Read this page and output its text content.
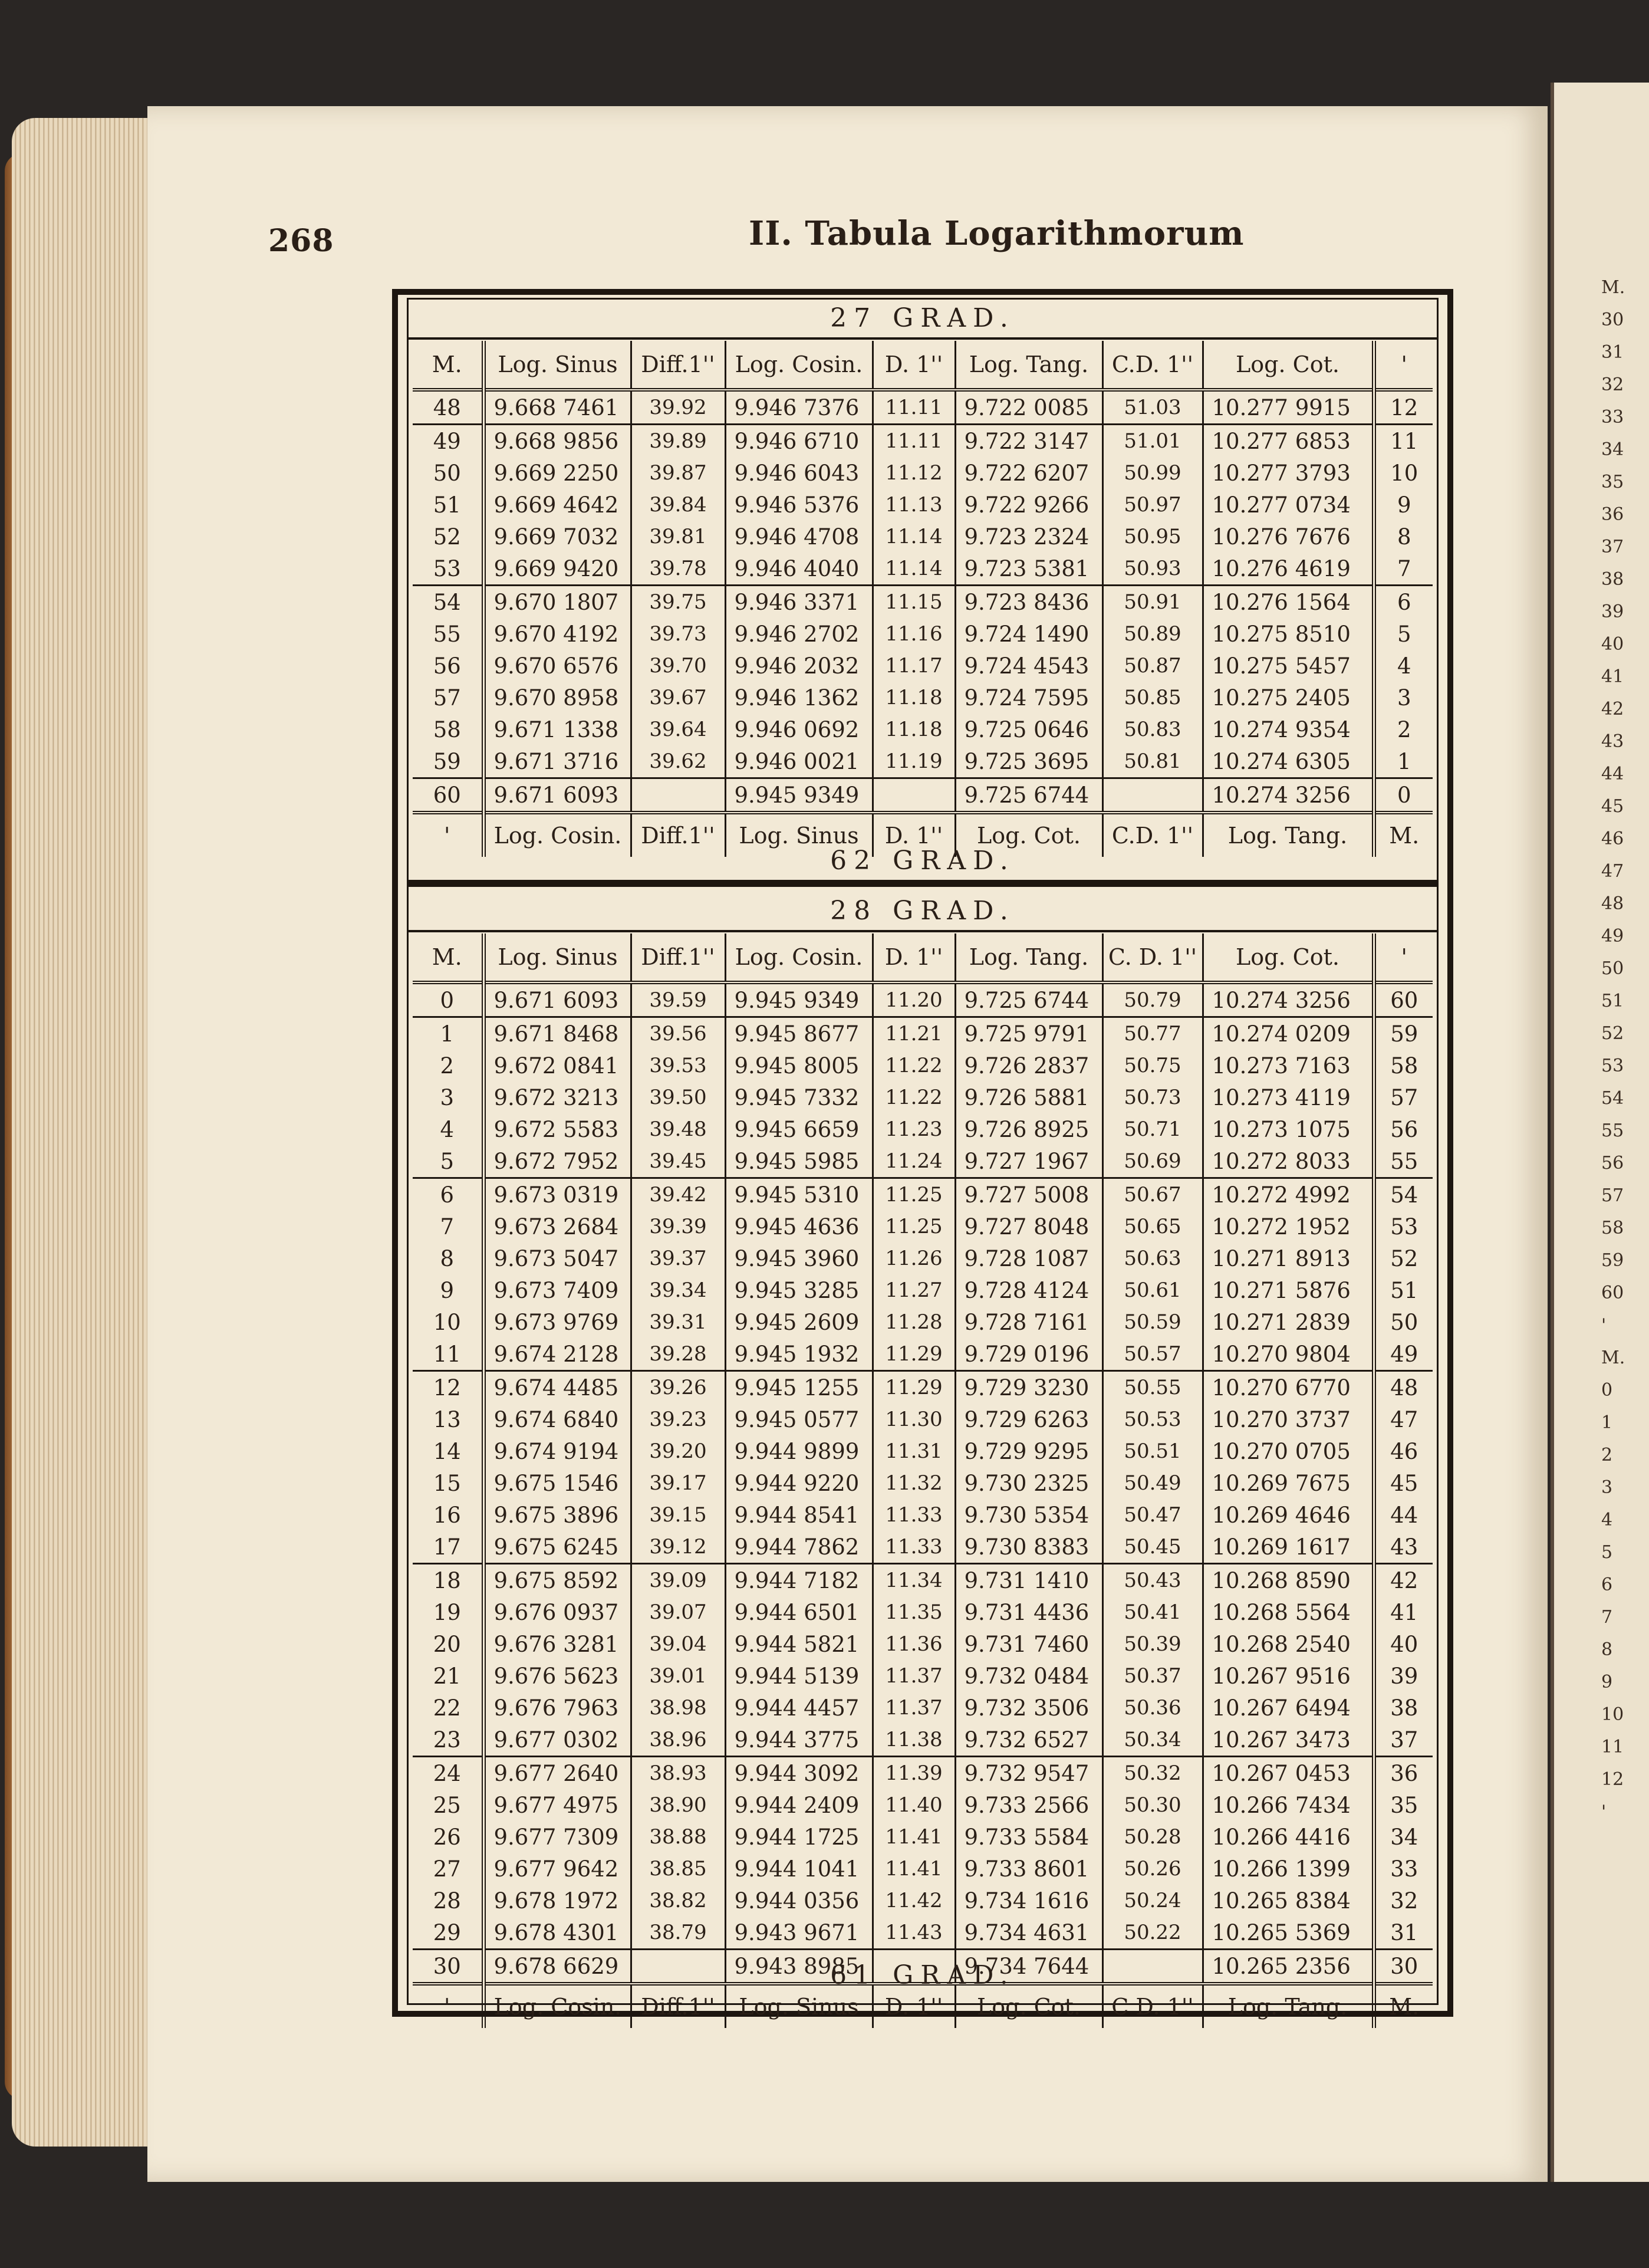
M.
30
31
32
33
34
35
36
37
38
39
40
41
42
43
44
45
46
47
48
49
50
51
52
53
54
55
56
57
58
59
60
'
M.
0
1
2
3
4
5
6
7
8
9
10
11
12
'
268	II. Tabula Logarithmorum
27 GRAD.
M.	Log. Sinus	Diff.1''	Log. Cosin.	D. 1''	Log. Tang.	C.D. 1''	Log. Cot.	'
48	9.668 7461	39.92	9.946 7376	11.11	9.722 0085	51.03	10.277 9915	12
49	9.668 9856	39.89	9.946 6710	11.11	9.722 3147	51.01	10.277 6853	11
50	9.669 2250	39.87	9.946 6043	11.12	9.722 6207	50.99	10.277 3793	10
51	9.669 4642	39.84	9.946 5376	11.13	9.722 9266	50.97	10.277 0734	9
52	9.669 7032	39.81	9.946 4708	11.14	9.723 2324	50.95	10.276 7676	8
53	9.669 9420	39.78	9.946 4040	11.14	9.723 5381	50.93	10.276 4619	7
54	9.670 1807	39.75	9.946 3371	11.15	9.723 8436	50.91	10.276 1564	6
55	9.670 4192	39.73	9.946 2702	11.16	9.724 1490	50.89	10.275 8510	5
56	9.670 6576	39.70	9.946 2032	11.17	9.724 4543	50.87	10.275 5457	4
57	9.670 8958	39.67	9.946 1362	11.18	9.724 7595	50.85	10.275 2405	3
58	9.671 1338	39.64	9.946 0692	11.18	9.725 0646	50.83	10.274 9354	2
59	9.671 3716	39.62	9.946 0021	11.19	9.725 3695	50.81	10.274 6305	1
60	9.671 6093		9.945 9349		9.725 6744		10.274 3256	0
'	Log. Cosin.	Diff.1''	Log. Sinus	D. 1''	Log. Cot.	C.D. 1''	Log. Tang.	M.
62 GRAD.
28 GRAD.
M.	Log. Sinus	Diff.1''	Log. Cosin.	D. 1''	Log. Tang.	C. D. 1''	Log. Cot.	'
0	9.671 6093	39.59	9.945 9349	11.20	9.725 6744	50.79	10.274 3256	60
1	9.671 8468	39.56	9.945 8677	11.21	9.725 9791	50.77	10.274 0209	59
2	9.672 0841	39.53	9.945 8005	11.22	9.726 2837	50.75	10.273 7163	58
3	9.672 3213	39.50	9.945 7332	11.22	9.726 5881	50.73	10.273 4119	57
4	9.672 5583	39.48	9.945 6659	11.23	9.726 8925	50.71	10.273 1075	56
5	9.672 7952	39.45	9.945 5985	11.24	9.727 1967	50.69	10.272 8033	55
6	9.673 0319	39.42	9.945 5310	11.25	9.727 5008	50.67	10.272 4992	54
7	9.673 2684	39.39	9.945 4636	11.25	9.727 8048	50.65	10.272 1952	53
8	9.673 5047	39.37	9.945 3960	11.26	9.728 1087	50.63	10.271 8913	52
9	9.673 7409	39.34	9.945 3285	11.27	9.728 4124	50.61	10.271 5876	51
10	9.673 9769	39.31	9.945 2609	11.28	9.728 7161	50.59	10.271 2839	50
11	9.674 2128	39.28	9.945 1932	11.29	9.729 0196	50.57	10.270 9804	49
12	9.674 4485	39.26	9.945 1255	11.29	9.729 3230	50.55	10.270 6770	48
13	9.674 6840	39.23	9.945 0577	11.30	9.729 6263	50.53	10.270 3737	47
14	9.674 9194	39.20	9.944 9899	11.31	9.729 9295	50.51	10.270 0705	46
15	9.675 1546	39.17	9.944 9220	11.32	9.730 2325	50.49	10.269 7675	45
16	9.675 3896	39.15	9.944 8541	11.33	9.730 5354	50.47	10.269 4646	44
17	9.675 6245	39.12	9.944 7862	11.33	9.730 8383	50.45	10.269 1617	43
18	9.675 8592	39.09	9.944 7182	11.34	9.731 1410	50.43	10.268 8590	42
19	9.676 0937	39.07	9.944 6501	11.35	9.731 4436	50.41	10.268 5564	41
20	9.676 3281	39.04	9.944 5821	11.36	9.731 7460	50.39	10.268 2540	40
21	9.676 5623	39.01	9.944 5139	11.37	9.732 0484	50.37	10.267 9516	39
22	9.676 7963	38.98	9.944 4457	11.37	9.732 3506	50.36	10.267 6494	38
23	9.677 0302	38.96	9.944 3775	11.38	9.732 6527	50.34	10.267 3473	37
24	9.677 2640	38.93	9.944 3092	11.39	9.732 9547	50.32	10.267 0453	36
25	9.677 4975	38.90	9.944 2409	11.40	9.733 2566	50.30	10.266 7434	35
26	9.677 7309	38.88	9.944 1725	11.41	9.733 5584	50.28	10.266 4416	34
27	9.677 9642	38.85	9.944 1041	11.41	9.733 8601	50.26	10.266 1399	33
28	9.678 1972	38.82	9.944 0356	11.42	9.734 1616	50.24	10.265 8384	32
29	9.678 4301	38.79	9.943 9671	11.43	9.734 4631	50.22	10.265 5369	31
30	9.678 6629		9.943 8985		9.734 7644		10.265 2356	30
'	Log. Cosin.	Diff.1''	Log. Sinus	D. 1''	Log. Cot.	C D. 1''	Log. Tang.	M.
61 GRAD.
